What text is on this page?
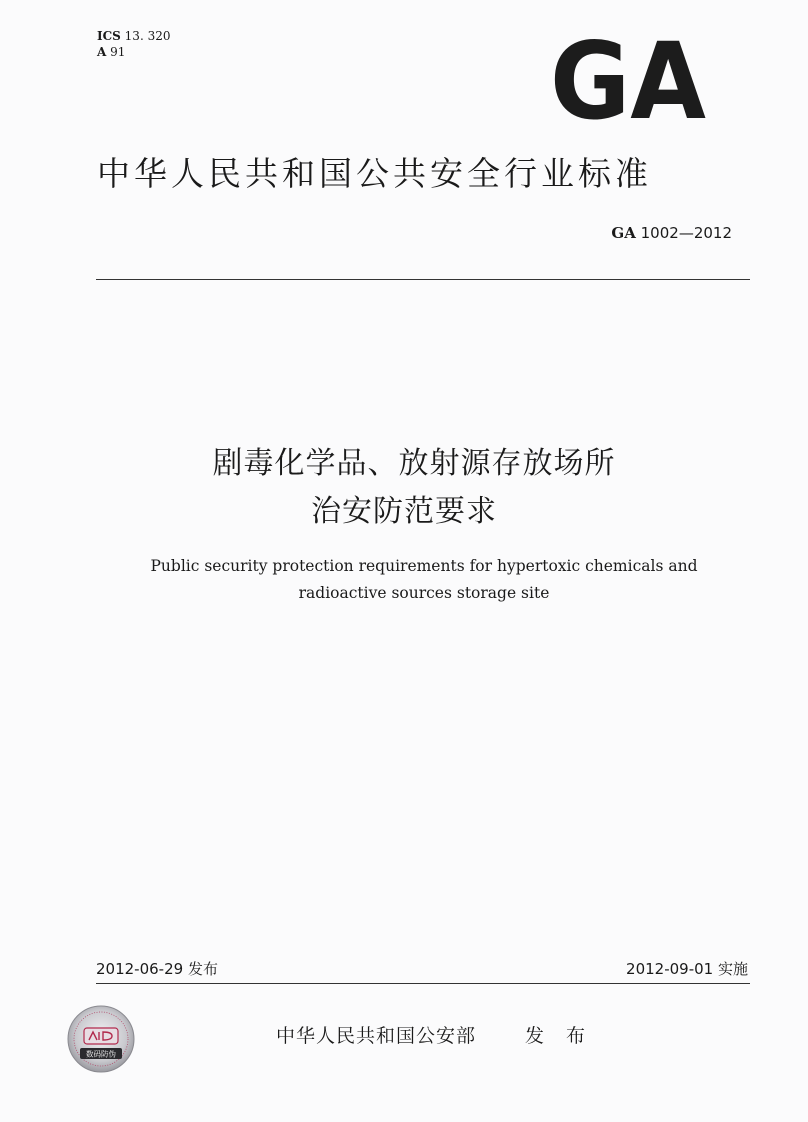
ICS 13. 320
A 91	GA
中华人民共和国公共安全行业标准
GA 1002—2012
剧毒化学品、放射源存放场所
治安防范要求
Public security protection requirements for hypertoxic chemicals and
radioactive sources storage site
2012-06-29 发布	2012-09-01 实施
数码防伪
中华人民共和国公安部	发 布
